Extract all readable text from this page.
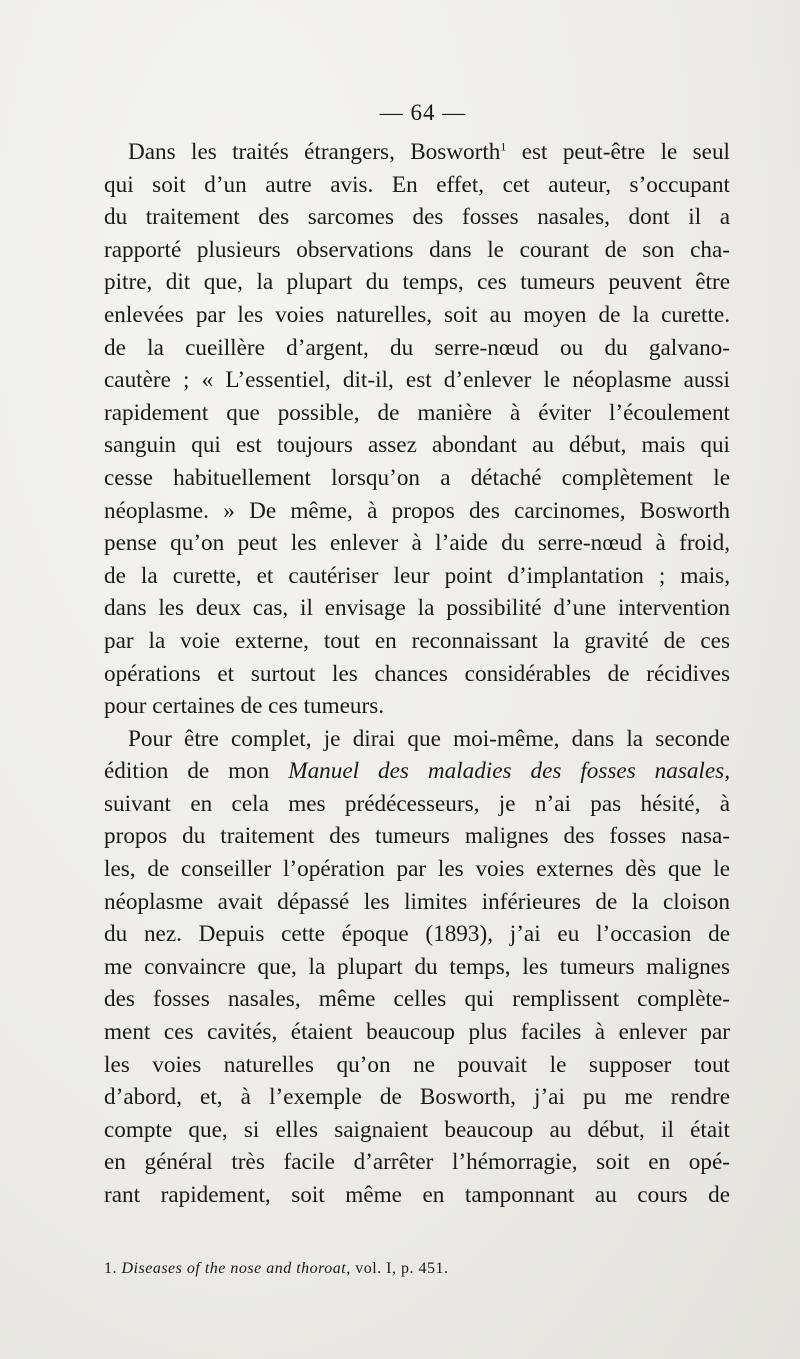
— 64 —

Dans les traités étrangers, Bosworth$^1$ est peut-être le seul
qui soit d’un autre avis. En effet, cet auteur, s’occupant
du traitement des sarcomes des fosses nasales, dont il a
rapporté plusieurs observations dans le courant de son cha-
pitre, dit que, la plupart du temps, ces tumeurs peuvent être
enlevées par les voies naturelles, soit au moyen de la curette.
de la cueillère d’argent, du serre-nœud ou du galvano-
cautère ; « L’essentiel, dit-il, est d’enlever le néoplasme aussi
rapidement que possible, de manière à éviter l’écoulement
sanguin qui est toujours assez abondant au début, mais qui
cesse habituellement lorsqu’on a détaché complètement le
néoplasme. » De même, à propos des carcinomes, Bosworth
pense qu’on peut les enlever à l’aide du serre-nœud à froid,
de la curette, et cautériser leur point d’implantation ; mais,
dans les deux cas, il envisage la possibilité d’une intervention
par la voie externe, tout en reconnaissant la gravité de ces
opérations et surtout les chances considérables de récidives
pour certaines de ces tumeurs.

Pour être complet, je dirai que moi-même, dans la seconde
édition de mon Manuel des maladies des fosses nasales,
suivant en cela mes prédécesseurs, je n’ai pas hésité, à
propos du traitement des tumeurs malignes des fosses nasa-
les, de conseiller l’opération par les voies externes dès que le
néoplasme avait dépassé les limites inférieures de la cloison
du nez. Depuis cette époque (1893), j’ai eu l’occasion de
me convaincre que, la plupart du temps, les tumeurs malignes
des fosses nasales, même celles qui remplissent complète-
ment ces cavités, étaient beaucoup plus faciles à enlever par
les voies naturelles qu’on ne pouvait le supposer tout
d’abord, et, à l’exemple de Bosworth, j’ai pu me rendre
compte que, si elles saignaient beaucoup au début, il était
en général très facile d’arrêter l’hémorragie, soit en opé-
rant rapidement, soit même en tamponnant au cours de

1. Diseases of the nose and thoroat, vol. I, p. 451.
